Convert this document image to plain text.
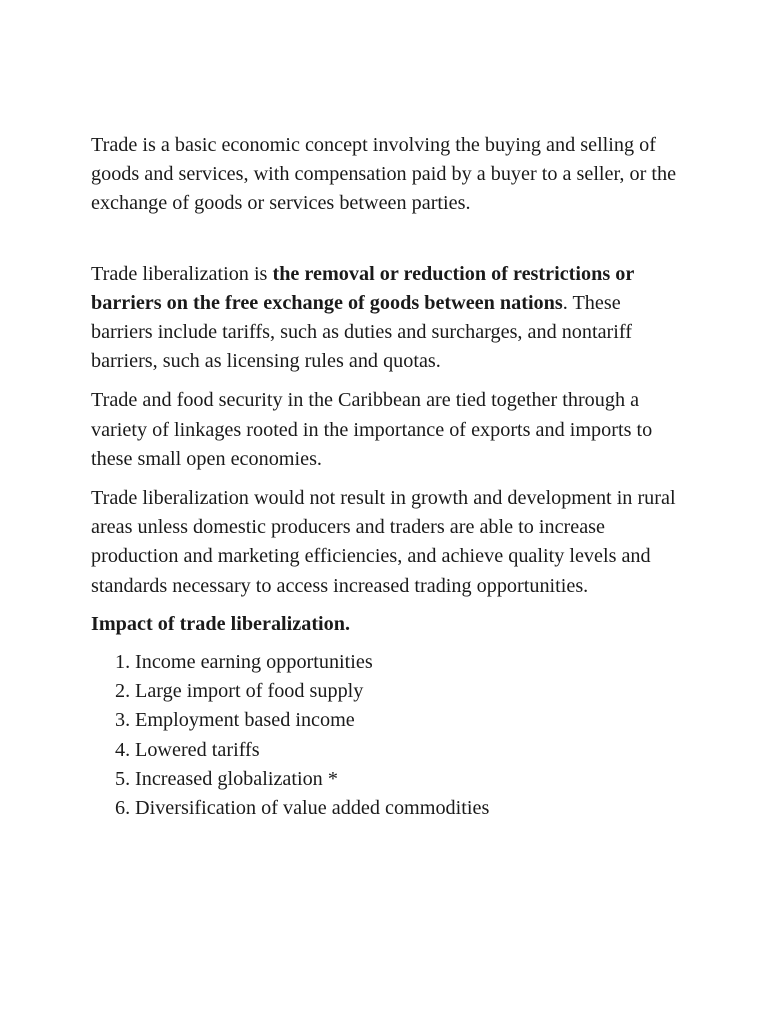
Trade is a basic economic concept involving the buying and selling of goods and services, with compensation paid by a buyer to a seller, or the exchange of goods or services between parties.

Trade liberalization is the removal or reduction of restrictions or barriers on the free exchange of goods between nations. These barriers include tariffs, such as duties and surcharges, and nontariff barriers, such as licensing rules and quotas.

Trade and food security in the Caribbean are tied together through a variety of linkages rooted in the importance of exports and imports to these small open economies.

Trade liberalization would not result in growth and development in rural areas unless domestic producers and traders are able to increase production and marketing efficiencies, and achieve quality levels and standards necessary to access increased trading opportunities.

Impact of trade liberalization.

1. Income earning opportunities
2. Large import of food supply
3. Employment based income
4. Lowered tariffs
5. Increased globalization *
6. Diversification of value added commodities
